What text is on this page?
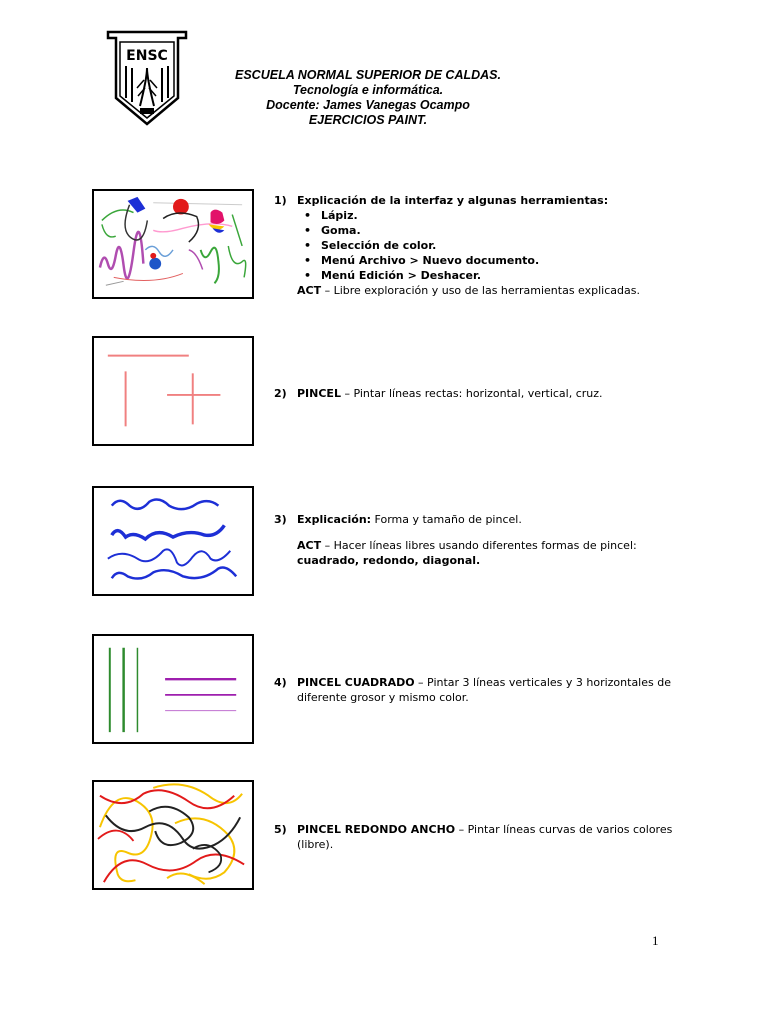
ENSC
ESCUELA NORMAL SUPERIOR DE CALDAS.
Tecnología e informática.
Docente: James Vanegas Ocampo
EJERCICIOS PAINT.
1) Explicación de la interfaz y algunas herramientas:
• Lápiz.
• Goma.
• Selección de color.
• Menú Archivo > Nuevo documento.
• Menú Edición > Deshacer.
ACT – Libre exploración y uso de las herramientas explicadas.
2) PINCEL – Pintar líneas rectas: horizontal, vertical, cruz.
3) Explicación: Forma y tamaño de pincel.
ACT – Hacer líneas libres usando diferentes formas de pincel: cuadrado, redondo, diagonal.
4) PINCEL CUADRADO – Pintar 3 líneas verticales y 3 horizontales de diferente grosor y mismo color.
5) PINCEL REDONDO ANCHO – Pintar líneas curvas de varios colores (libre).
1
